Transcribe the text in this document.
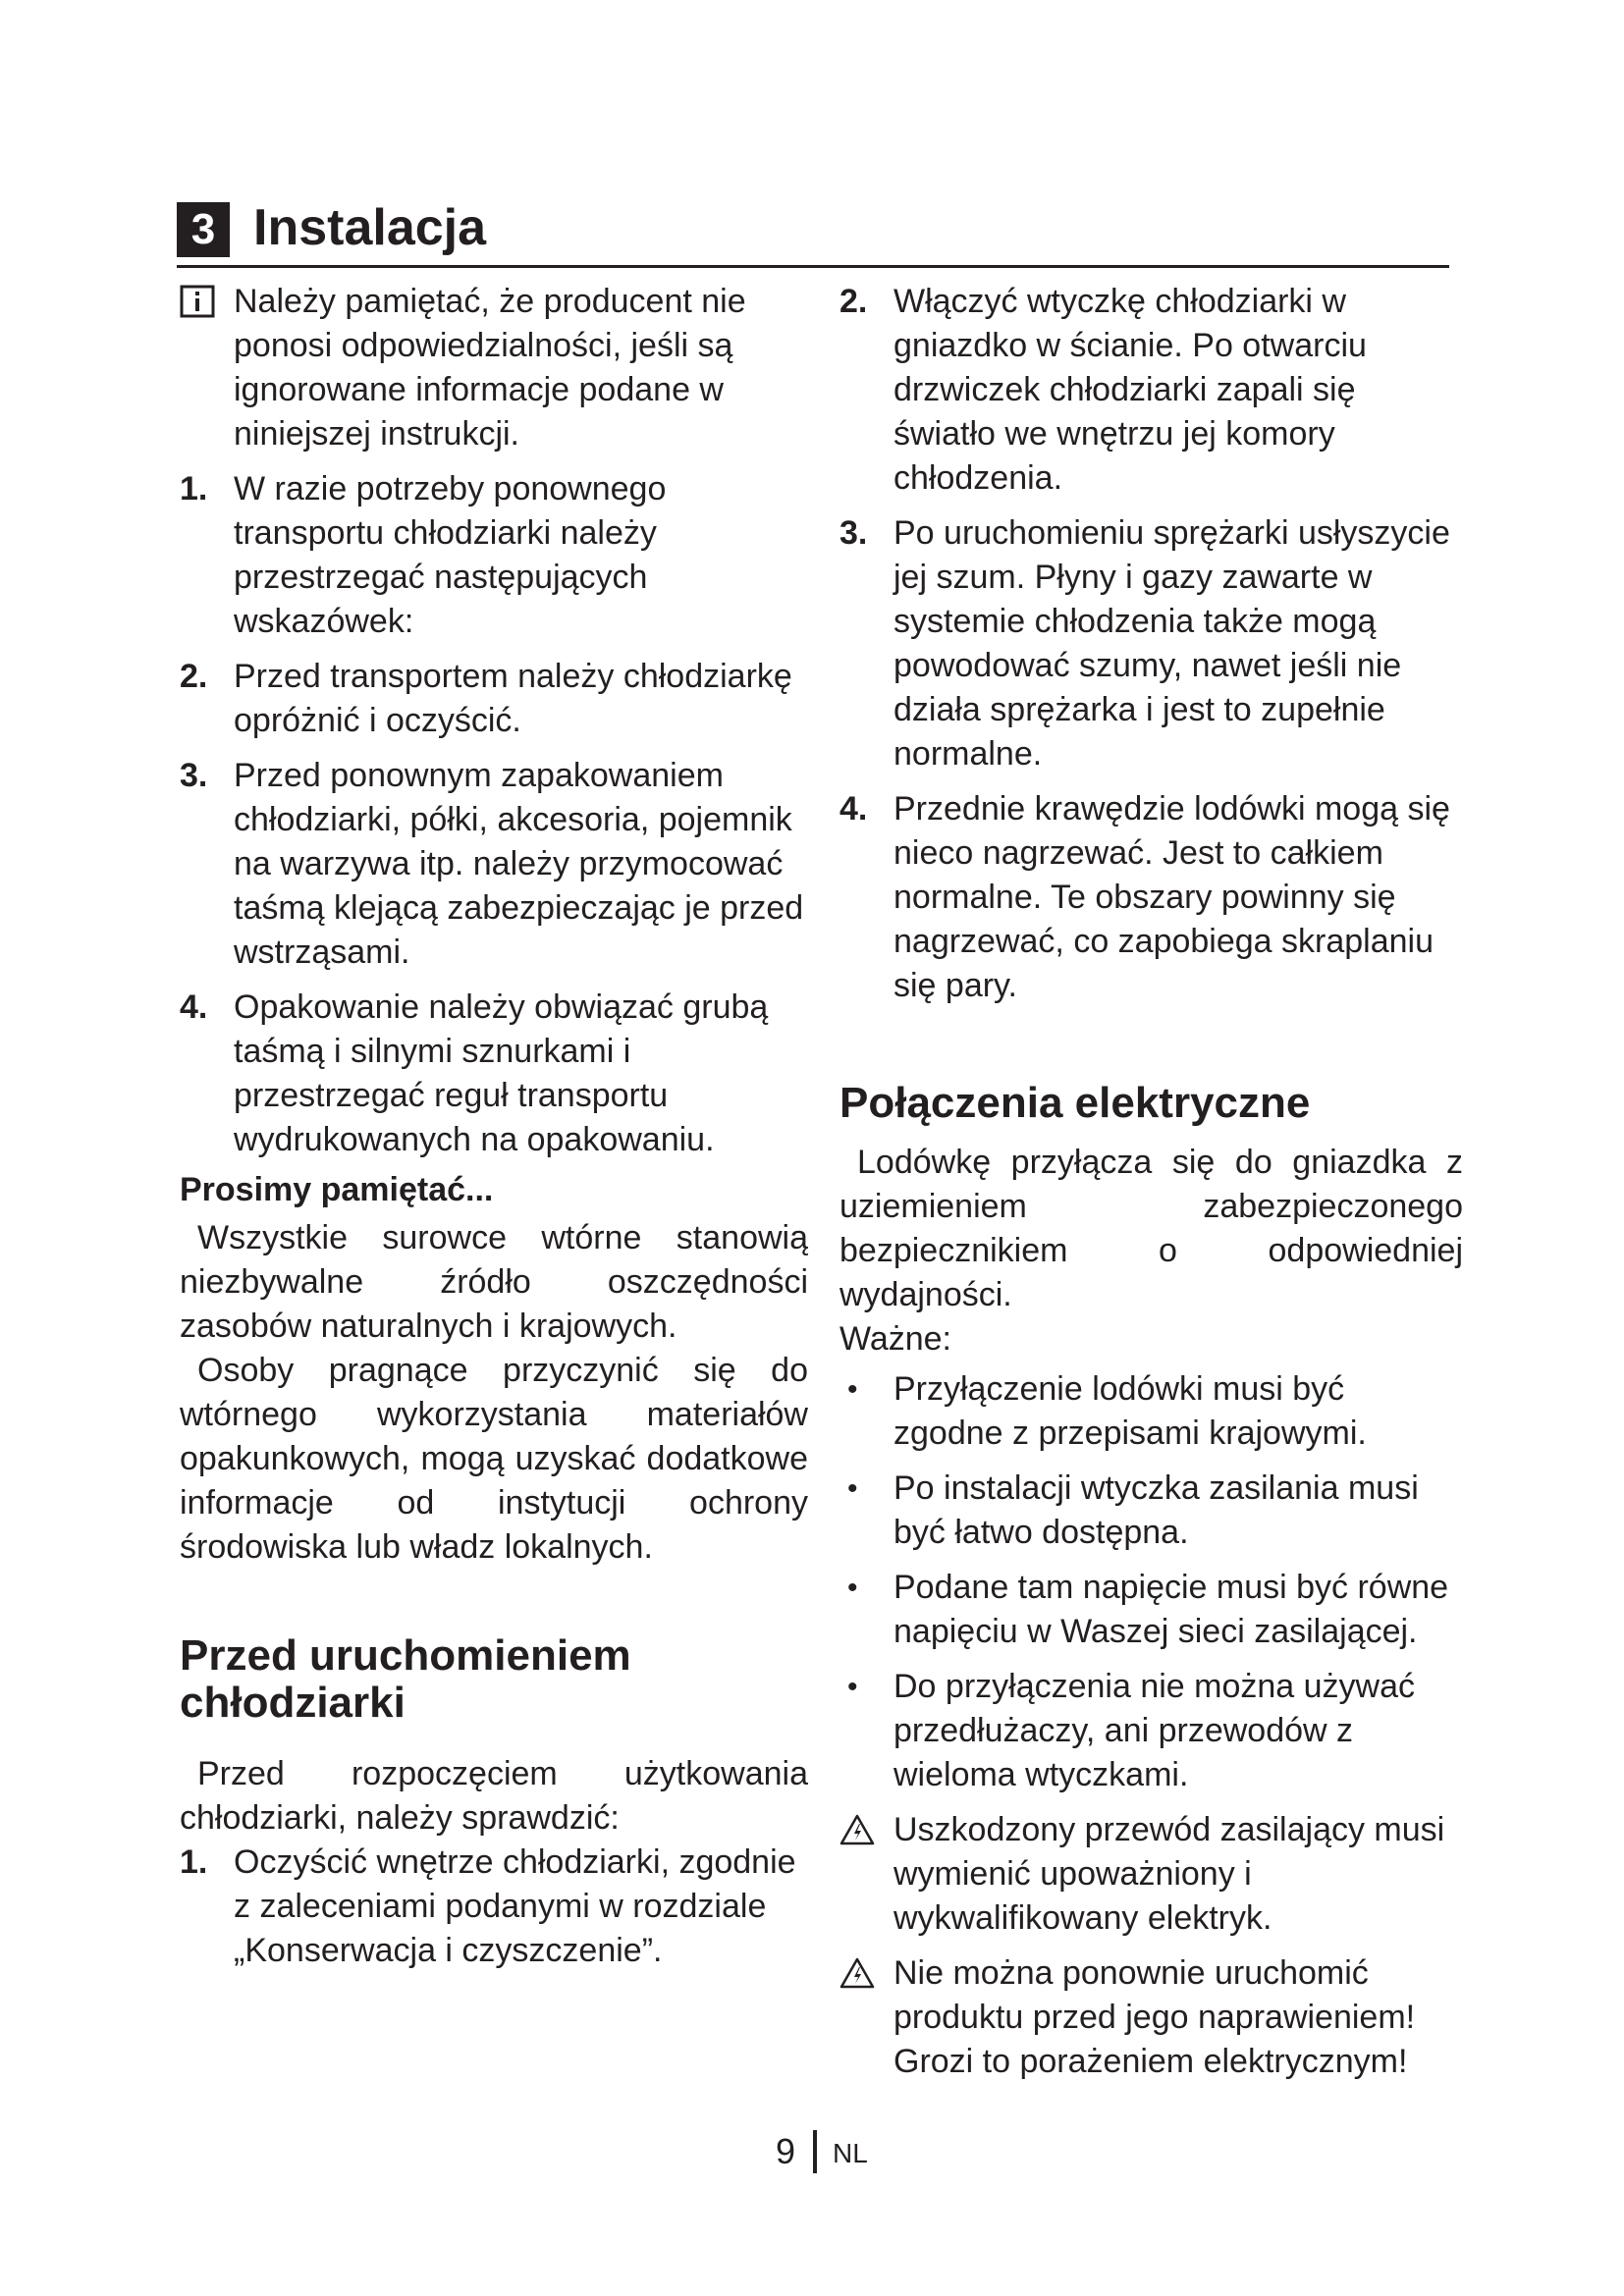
3 Instalacja
Należy pamiętać, że producent nie ponosi odpowiedzialności, jeśli są ignorowane informacje podane w niniejszej instrukcji.
1. W razie potrzeby ponownego transportu chłodziarki należy przestrzegać następujących wskazówek:
2. Przed transportem należy chłodziarkę opróżnić i oczyścić.
3. Przed ponownym zapakowaniem chłodziarki, półki, akcesoria, pojemnik na warzywa itp. należy przymocować taśmą klejącą zabezpieczając je przed wstrząsami.
4. Opakowanie należy obwiązać grubą taśmą i silnymi sznurkami i przestrzegać reguł transportu wydrukowanych na opakowaniu.

Prosimy pamiętać...

Wszystkie surowce wtórne stanowią niezbywalne źródło oszczędności zasobów naturalnych i krajowych.

Osoby pragnące przyczynić się do wtórnego wykorzystania materiałów opakunkowych, mogą uzyskać dodatkowe informacje od instytucji ochrony środowiska lub władz lokalnych.

Przed uruchomieniem chłodziarki

Przed rozpoczęciem użytkowania chłodziarki, należy sprawdzić:

1. Oczyścić wnętrze chłodziarki, zgodnie z zaleceniami podanymi w rozdziale „Konserwacja i czyszczenie”.
2. Włączyć wtyczkę chłodziarki w gniazdko w ścianie. Po otwarciu drzwiczek chłodziarki zapali się światło we wnętrzu jej komory chłodzenia.
3. Po uruchomieniu sprężarki usłyszycie jej szum. Płyny i gazy zawarte w systemie chłodzenia także mogą powodować szumy, nawet jeśli nie działa sprężarka i jest to zupełnie normalne.
4. Przednie krawędzie lodówki mogą się nieco nagrzewać. Jest to całkiem normalne. Te obszary powinny się nagrzewać, co zapobiega skraplaniu się pary.
Połączenia elektryczne

Lodówkę przyłącza się do gniazdka z uziemieniem zabezpieczonego bezpiecznikiem o odpowiedniej wydajności.

Ważne:

• Przyłączenie lodówki musi być zgodne z przepisami krajowymi.
• Po instalacji wtyczka zasilania musi być łatwo dostępna.
• Podane tam napięcie musi być równe napięciu w Waszej sieci zasilającej.
• Do przyłączenia nie można używać przedłużaczy, ani przewodów z wieloma wtyczkami.
Uszkodzony przewód zasilający musi wymienić upoważniony i wykwalifikowany elektryk.
Nie można ponownie uruchomić produktu przed jego naprawieniem! Grozi to porażeniem elektrycznym!
9 NL
